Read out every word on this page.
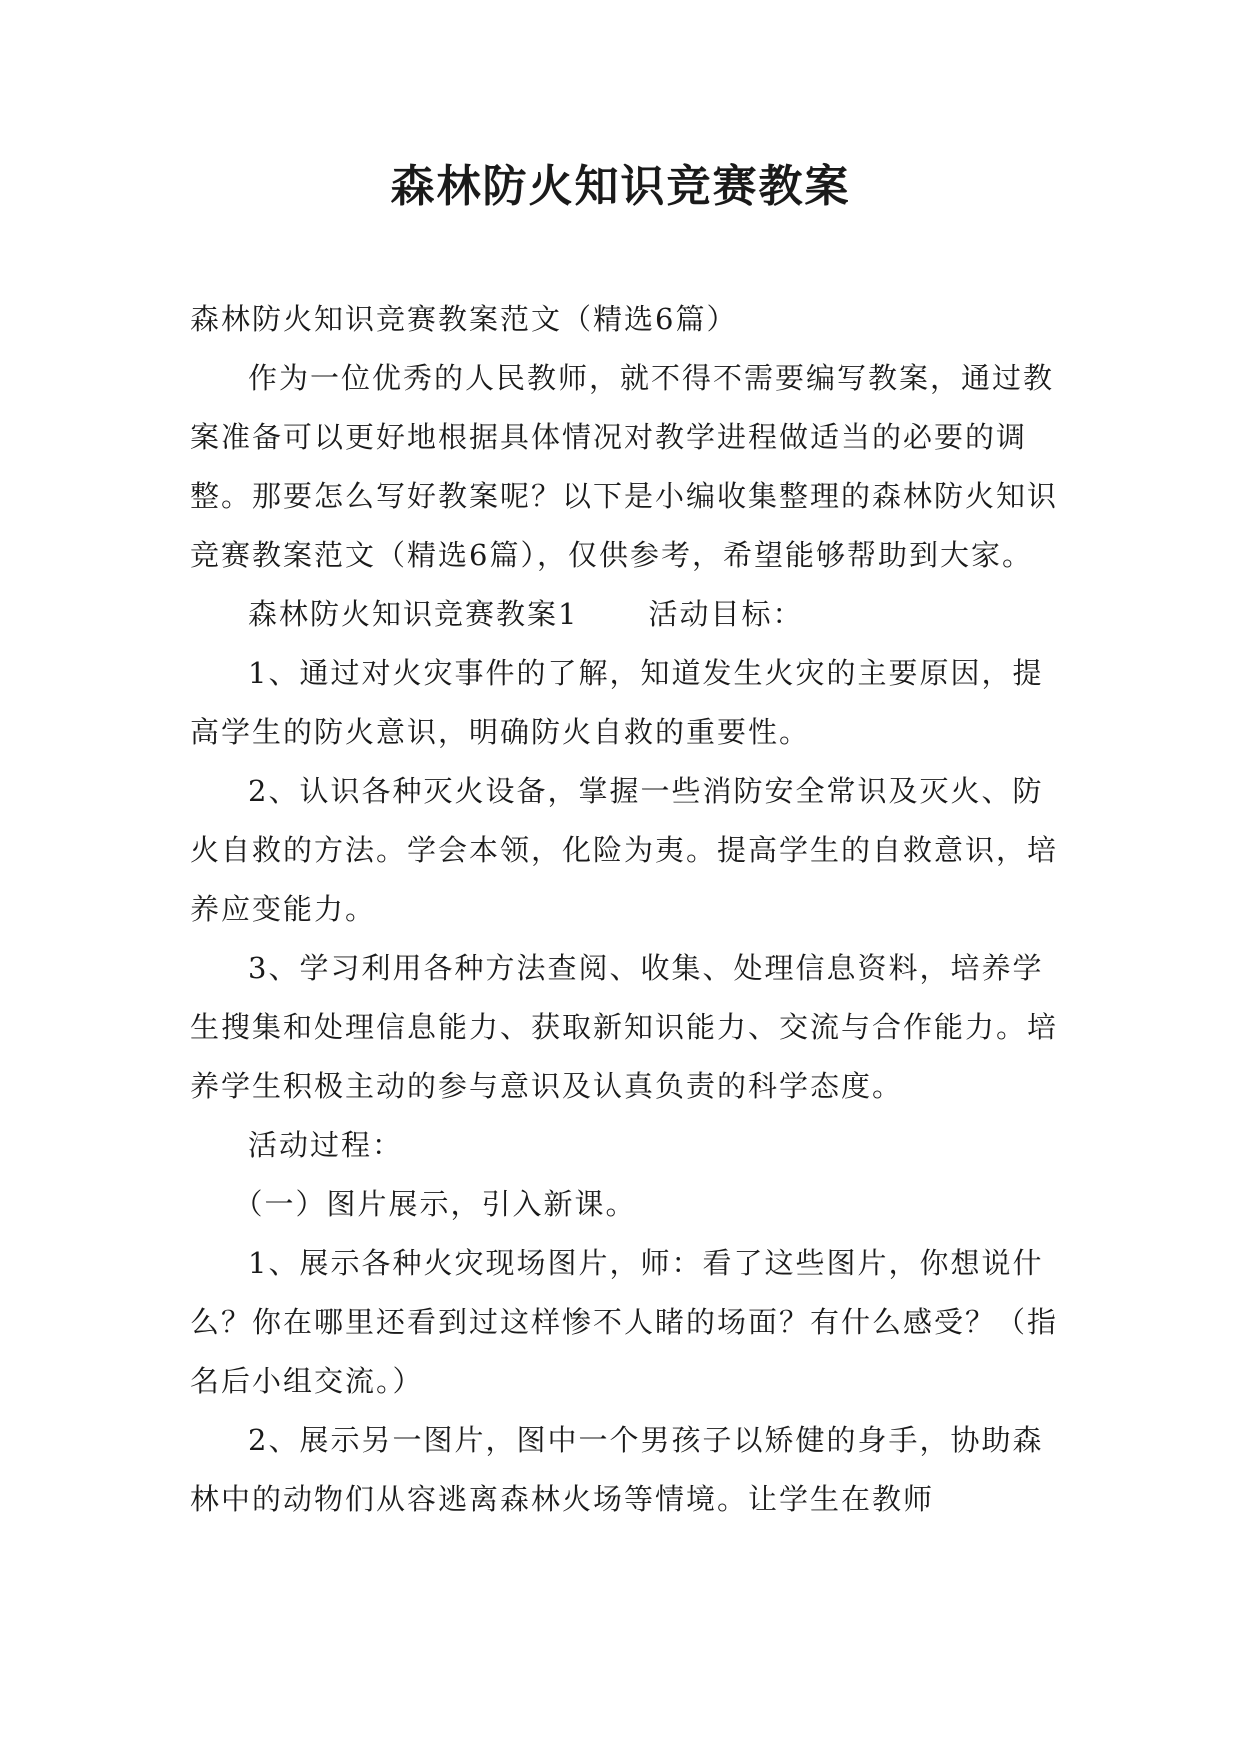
森林防火知识竞赛教案

森林防火知识竞赛教案范文（精选6篇）

作为一位优秀的人民教师，就不得不需要编写教案，通过教案准备可以更好地根据具体情况对教学进程做适当的必要的调整。那要怎么写好教案呢？以下是小编收集整理的森林防火知识竞赛教案范文（精选6篇），仅供参考，希望能够帮助到大家。

森林防火知识竞赛教案1 活动目标：

1、通过对火灾事件的了解，知道发生火灾的主要原因，提高学生的防火意识，明确防火自救的重要性。

2、认识各种灭火设备，掌握一些消防安全常识及灭火、防火自救的方法。学会本领，化险为夷。提高学生的自救意识，培养应变能力。

3、学习利用各种方法查阅、收集、处理信息资料，培养学生搜集和处理信息能力、获取新知识能力、交流与合作能力。培养学生积极主动的参与意识及认真负责的科学态度。

活动过程：

（一）图片展示，引入新课。

1、展示各种火灾现场图片，师：看了这些图片，你想说什么？你在哪里还看到过这样惨不人睹的场面？有什么感受？（指名后小组交流。）

2、展示另一图片，图中一个男孩子以矫健的身手，协助森林中的动物们从容逃离森林火场等情境。让学生在教师
